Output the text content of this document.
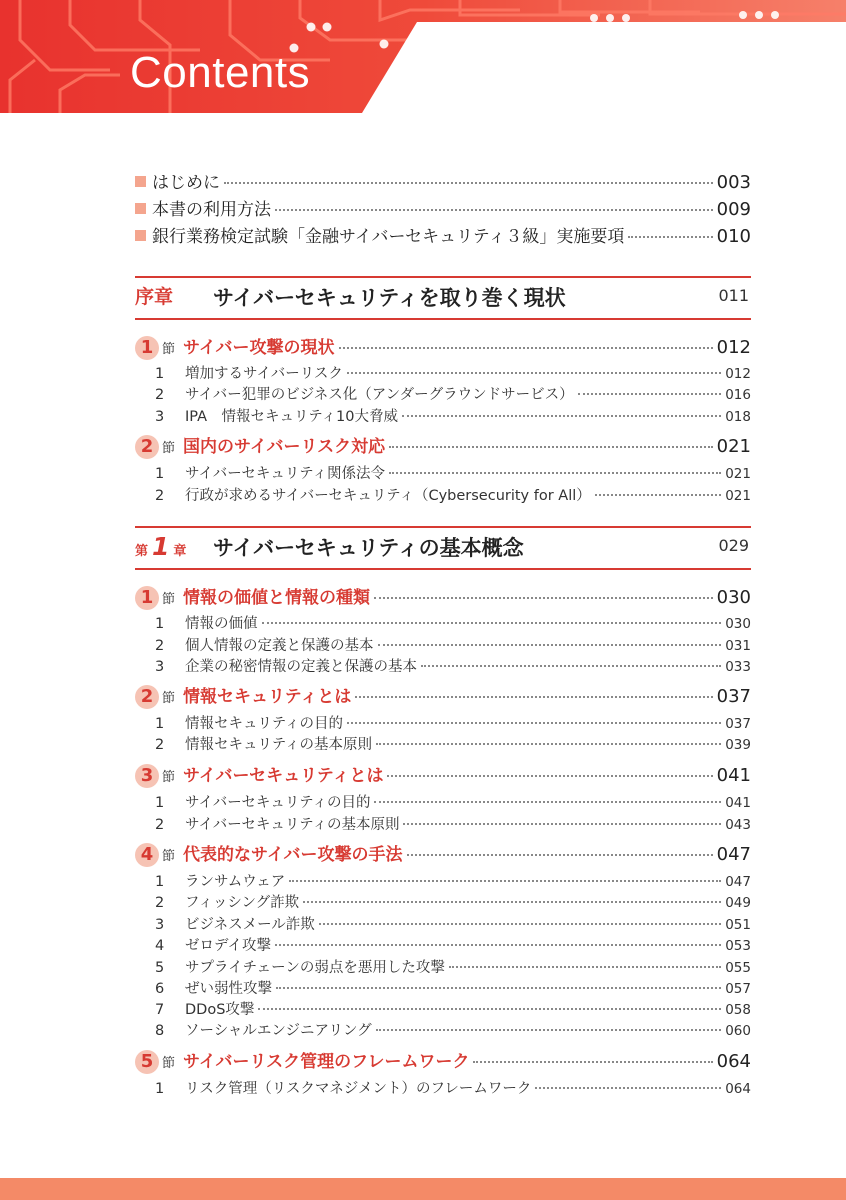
Contents
はじめに	003
本書の利用方法	009
銀行業務検定試験「金融サイバーセキュリティ３級」実施要項	010
序章 サイバーセキュリティを取り巻く現状	011
1 節 サイバー攻撃の現状	012
1	増加するサイバーリスク	012
2	サイバー犯罪のビジネス化（アンダーグラウンドサービス）	016
3	IPA　情報セキュリティ10大脅威	018
2 節 国内のサイバーリスク対応	021
1	サイバーセキュリティ関係法令	021
2	行政が求めるサイバーセキュリティ（Cybersecurity for All）	021
第 1 章 サイバーセキュリティの基本概念	029
1 節 情報の価値と情報の種類	030
1	情報の価値	030
2	個人情報の定義と保護の基本	031
3	企業の秘密情報の定義と保護の基本	033
2 節 情報セキュリティとは	037
1	情報セキュリティの目的	037
2	情報セキュリティの基本原則	039
3 節 サイバーセキュリティとは	041
1	サイバーセキュリティの目的	041
2	サイバーセキュリティの基本原則	043
4 節 代表的なサイバー攻撃の手法	047
1	ランサムウェア	047
2	フィッシング詐欺	049
3	ビジネスメール詐欺	051
4	ゼロデイ攻撃	053
5	サプライチェーンの弱点を悪用した攻撃	055
6	ぜい弱性攻撃	057
7	DDoS攻撃	058
8	ソーシャルエンジニアリング	060
5 節 サイバーリスク管理のフレームワーク	064
1	リスク管理（リスクマネジメント）のフレームワーク	064
